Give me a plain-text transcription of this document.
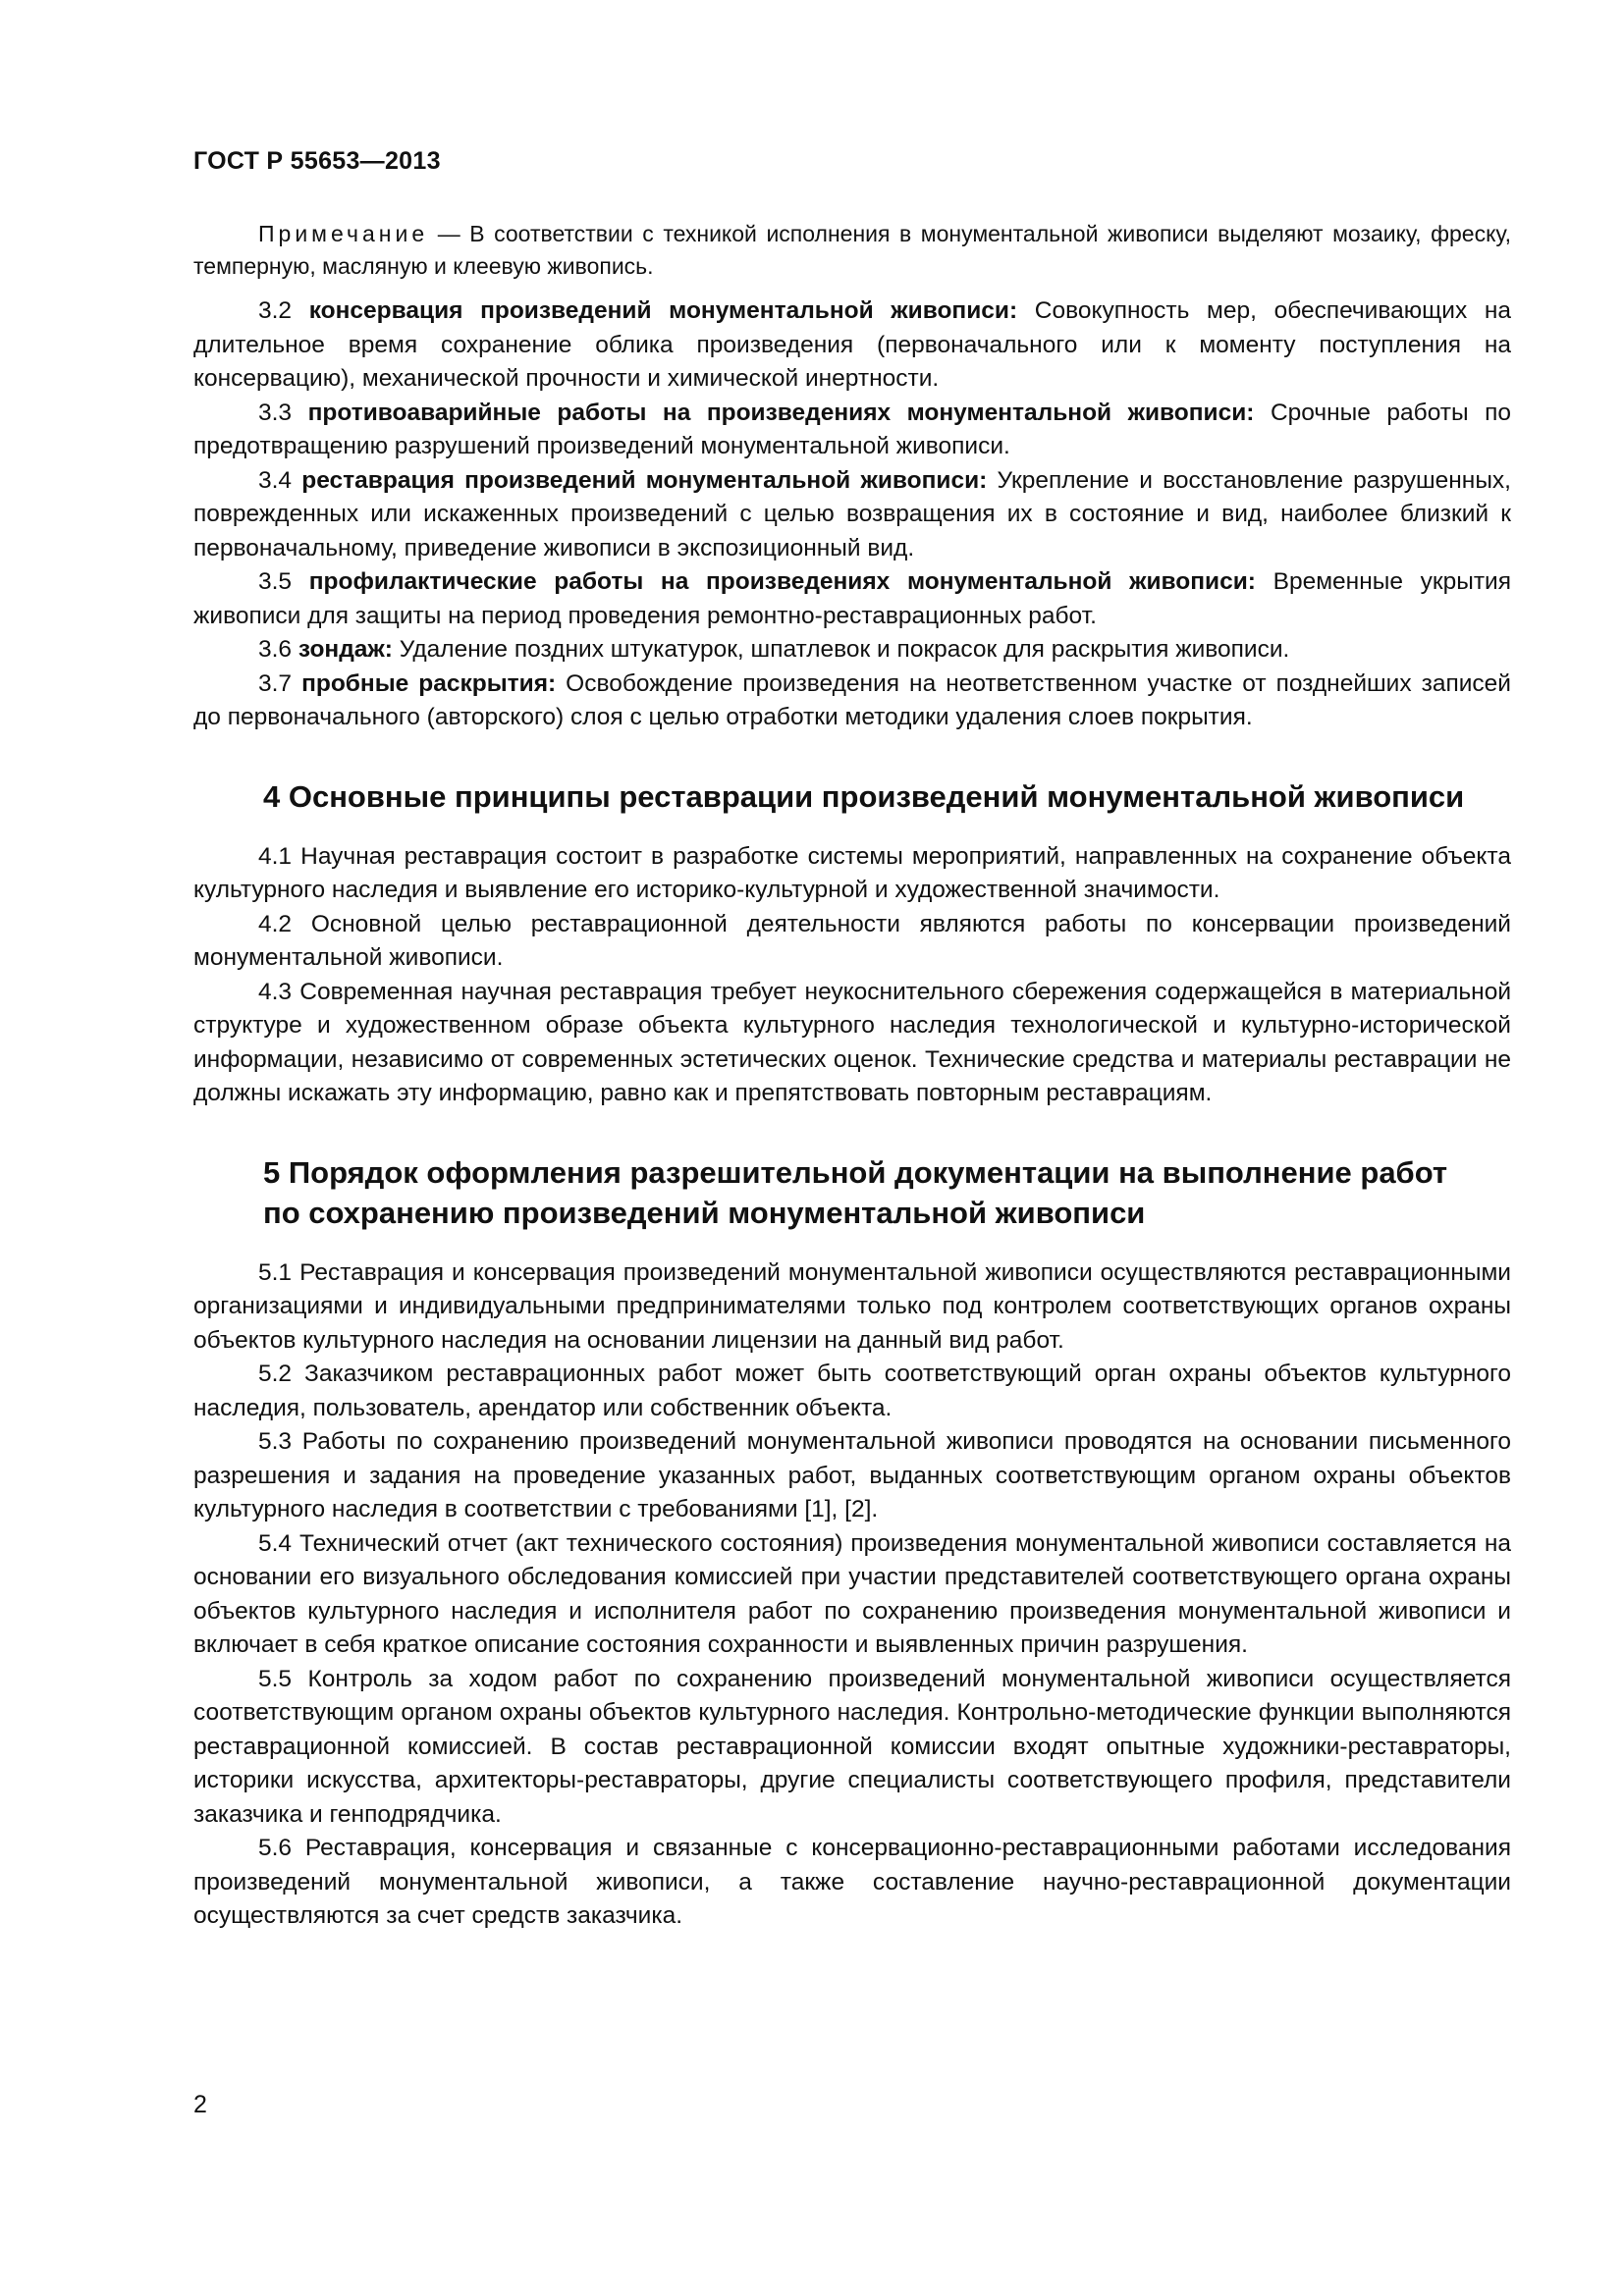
ГОСТ Р 55653—2013

Примечание — В соответствии с техникой исполнения в монументальной живописи выделяют мозаику, фреску, темперную, масляную и клеевую живопись.

3.2 консервация произведений монументальной живописи: Совокупность мер, обеспечивающих на длительное время сохранение облика произведения (первоначального или к моменту поступления на консервацию), механической прочности и химической инертности.

3.3 противоаварийные работы на произведениях монументальной живописи: Срочные работы по предотвращению разрушений произведений монументальной живописи.

3.4 реставрация произведений монументальной живописи: Укрепление и восстановление разрушенных, поврежденных или искаженных произведений с целью возвращения их в состояние и вид, наиболее близкий к первоначальному, приведение живописи в экспозиционный вид.

3.5 профилактические работы на произведениях монументальной живописи: Временные укрытия живописи для защиты на период проведения ремонтно-реставрационных работ.

3.6 зондаж: Удаление поздних штукатурок, шпатлевок и покрасок для раскрытия живописи.

3.7 пробные раскрытия: Освобождение произведения на неответственном участке от позднейших записей до первоначального (авторского) слоя с целью отработки методики удаления слоев покрытия.

4 Основные принципы реставрации произведений монументальной живописи

4.1 Научная реставрация состоит в разработке системы мероприятий, направленных на сохранение объекта культурного наследия и выявление его историко-культурной и художественной значимости.

4.2 Основной целью реставрационной деятельности являются работы по консервации произведений монументальной живописи.

4.3 Современная научная реставрация требует неукоснительного сбережения содержащейся в материальной структуре и художественном образе объекта культурного наследия технологической и культурно-исторической информации, независимо от современных эстетических оценок. Технические средства и материалы реставрации не должны искажать эту информацию, равно как и препятствовать повторным реставрациям.

5 Порядок оформления разрешительной документации на выполнение работ по сохранению произведений монументальной живописи

5.1 Реставрация и консервация произведений монументальной живописи осуществляются реставрационными организациями и индивидуальными предпринимателями только под контролем соответствующих органов охраны объектов культурного наследия на основании лицензии на данный вид работ.

5.2 Заказчиком реставрационных работ может быть соответствующий орган охраны объектов культурного наследия, пользователь, арендатор или собственник объекта.

5.3 Работы по сохранению произведений монументальной живописи проводятся на основании письменного разрешения и задания на проведение указанных работ, выданных соответствующим органом охраны объектов культурного наследия в соответствии с требованиями [1], [2].

5.4 Технический отчет (акт технического состояния) произведения монументальной живописи составляется на основании его визуального обследования комиссией при участии представителей соответствующего органа охраны объектов культурного наследия и исполнителя работ по сохранению произведения монументальной живописи и включает в себя краткое описание состояния сохранности и выявленных причин разрушения.

5.5 Контроль за ходом работ по сохранению произведений монументальной живописи осуществляется соответствующим органом охраны объектов культурного наследия. Контрольно-методические функции выполняются реставрационной комиссией. В состав реставрационной комиссии входят опытные художники-реставраторы, историки искусства, архитекторы-реставраторы, другие специалисты соответствующего профиля, представители заказчика и генподрядчика.

5.6 Реставрация, консервация и связанные с консервационно-реставрационными работами исследования произведений монументальной живописи, а также составление научно-реставрационной документации осуществляются за счет средств заказчика.

2
